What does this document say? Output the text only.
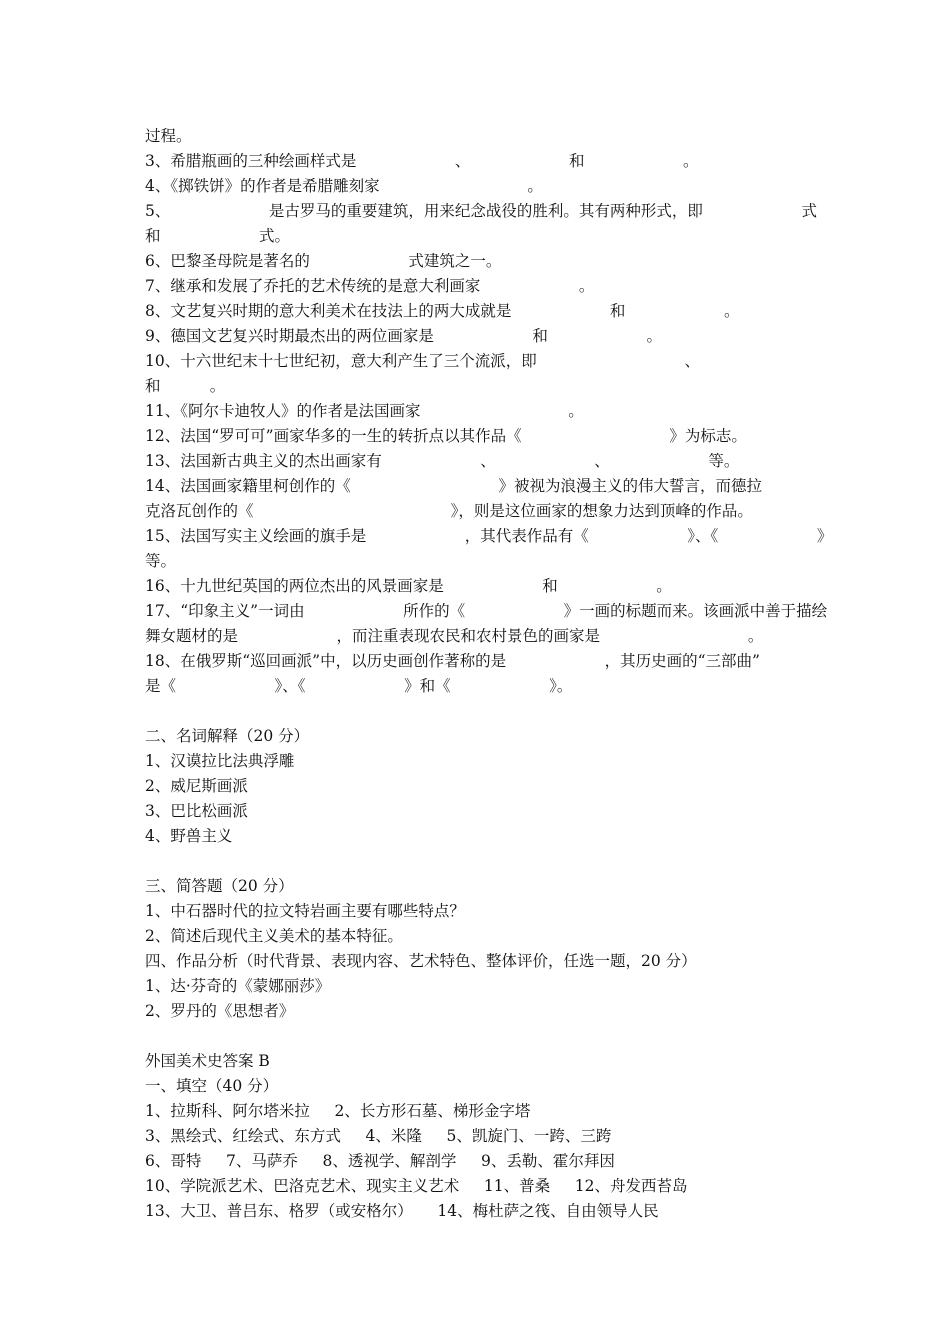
过程。
3、希腊瓶画的三种绘画样式是                    、                    和                    。
4、《掷铁饼》的作者是希腊雕刻家                              。
5、                    是古罗马的重要建筑，用来纪念战役的胜利。其有两种形式，即                    式
和                    式。
6、巴黎圣母院是著名的                    式建筑之一。
7、继承和发展了乔托的艺术传统的是意大利画家                    。
8、文艺复兴时期的意大利美术在技法上的两大成就是                    和                    。
9、德国文艺复兴时期最杰出的两位画家是                    和                    。
10、十六世纪末十七世纪初，意大利产生了三个流派，即                              、
和          。
11、《阿尔卡迪牧人》的作者是法国画家                              。
12、法国“罗可可”画家华多的一生的转折点以其作品《                              》为标志。
13、法国新古典主义的杰出画家有                    、                    、                    等。
14、法国画家籍里柯创作的《                              》被视为浪漫主义的伟大誓言，而德拉
克洛瓦创作的《                                        》，则是这位画家的想象力达到顶峰的作品。
15、法国写实主义绘画的旗手是                    ，其代表作品有《                    》、《                    》
等。
16、十九世纪英国的两位杰出的风景画家是                    和                    。
17、“印象主义”一词由                    所作的《                    》一画的标题而来。该画派中善于描绘
舞女题材的是                    ，而注重表现农民和农村景色的画家是                              。
18、在俄罗斯“巡回画派”中，以历史画创作著称的是                    ，其历史画的“三部曲”
是《                    》、《                    》和《                    》。
二、名词解释（20 分）
1、汉谟拉比法典浮雕
2、威尼斯画派
3、巴比松画派
4、野兽主义
三、简答题（20 分）
1、中石器时代的拉文特岩画主要有哪些特点？
2、简述后现代主义美术的基本特征。
四、作品分析（时代背景、表现内容、艺术特色、整体评价，任选一题，20 分）
1、达·芬奇的《蒙娜丽莎》
2、罗丹的《思想者》
外国美术史答案 B
一、填空（40 分）
1、拉斯科、阿尔塔米拉     2、长方形石墓、梯形金字塔
3、黑绘式、红绘式、东方式     4、米隆     5、凯旋门、一跨、三跨
6、哥特     7、马萨乔     8、透视学、解剖学     9、丢勒、霍尔拜因
10、学院派艺术、巴洛克艺术、现实主义艺术     11、普桑     12、舟发西苔岛
13、大卫、普吕东、格罗（或安格尔）     14、梅杜萨之筏、自由领导人民
